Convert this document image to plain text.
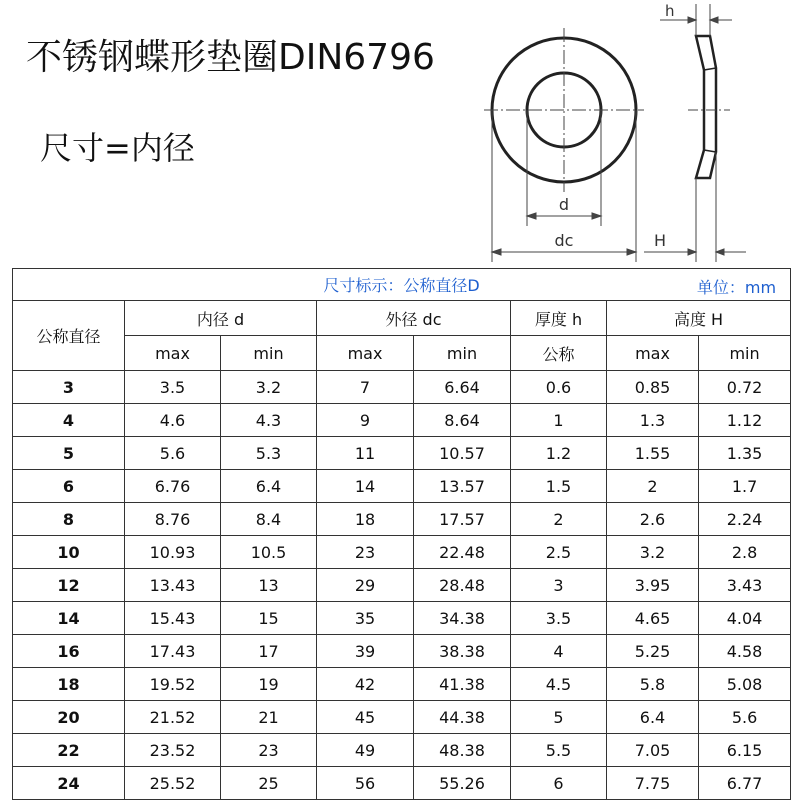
不锈钢蝶形垫圈DIN6796
尺寸=内径
d
dc
h
H
尺寸标示：公称直径D 单位：mm							

公称直径	内径 d		外径 dc		厚度 h	高度 H	
	max	min	max	min	公称	max	min
3	3.5	3.2	7	6.64	0.6	0.85	0.72
4	4.6	4.3	9	8.64	1	1.3	1.12
5	5.6	5.3	11	10.57	1.2	1.55	1.35
6	6.76	6.4	14	13.57	1.5	2	1.7
8	8.76	8.4	18	17.57	2	2.6	2.24
10	10.93	10.5	23	22.48	2.5	3.2	2.8
12	13.43	13	29	28.48	3	3.95	3.43
14	15.43	15	35	34.38	3.5	4.65	4.04
16	17.43	17	39	38.38	4	5.25	4.58
18	19.52	19	42	41.38	4.5	5.8	5.08
20	21.52	21	45	44.38	5	6.4	5.6
22	23.52	23	49	48.38	5.5	7.05	6.15
24	25.52	25	56	55.26	6	7.75	6.77
